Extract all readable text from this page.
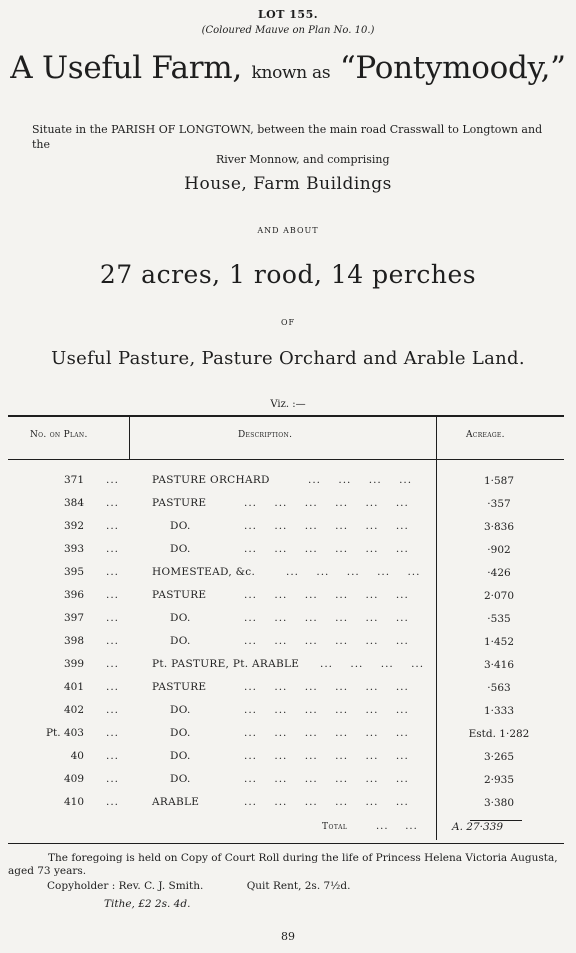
LOT 155.
(Coloured Mauve on Plan No. 10.)
A Useful Farm, known as “Pontymoody,”
Situate in the PARISH OF LONGTOWN, between the main road Crasswall to Longtown and the
River Monnow, and comprising
House, Farm Buildings
AND ABOUT
27 acres, 1 rood, 14 perches
OF
Useful Pasture, Pasture Orchard and Arable Land.
Viz. :—
No. on Plan.	Description.	Acreage.
371 ...	PASTURE ORCHARD	...    ...    ...    ...	1·587
384 ...	PASTURE	...    ...    ...    ...    ...    ...	·357
392 ...	DO.	...    ...    ...    ...    ...    ...	3·836
393 ...	DO.	...    ...    ...    ...    ...    ...	·902
395 ...	HOMESTEAD, &c.	...    ...    ...    ...    ...	·426
396 ...	PASTURE	...    ...    ...    ...    ...    ...	2·070
397 ...	DO.	...    ...    ...    ...    ...    ...	·535
398 ...	DO.	...    ...    ...    ...    ...    ...	1·452
399 ...	Pt. PASTURE, Pt. ARABLE ...    ...    ...    ...	3·416
401 ...	PASTURE	...    ...    ...    ...    ...    ...	·563
402 ...	DO.	...    ...    ...    ...    ...    ...	1·333
Pt. 403 ...	DO.	...    ...    ...    ...    ...    ...	Estd. 1·282
40 ...	DO.	...    ...    ...    ...    ...    ...	3·265
409 ...	DO.	...    ...    ...    ...    ...    ...	2·935
410 ...	ARABLE	...    ...    ...    ...    ...    ...	3·380
Total	...    ...	A. 27·339
The foregoing is held on Copy of Court Roll during the life of Princess Helena Victoria Augusta,
aged 73 years.
Copyholder : Rev. C. J. Smith.	Quit Rent, 2s. 7½d.
Tithe, £2 2s. 4d.
89
